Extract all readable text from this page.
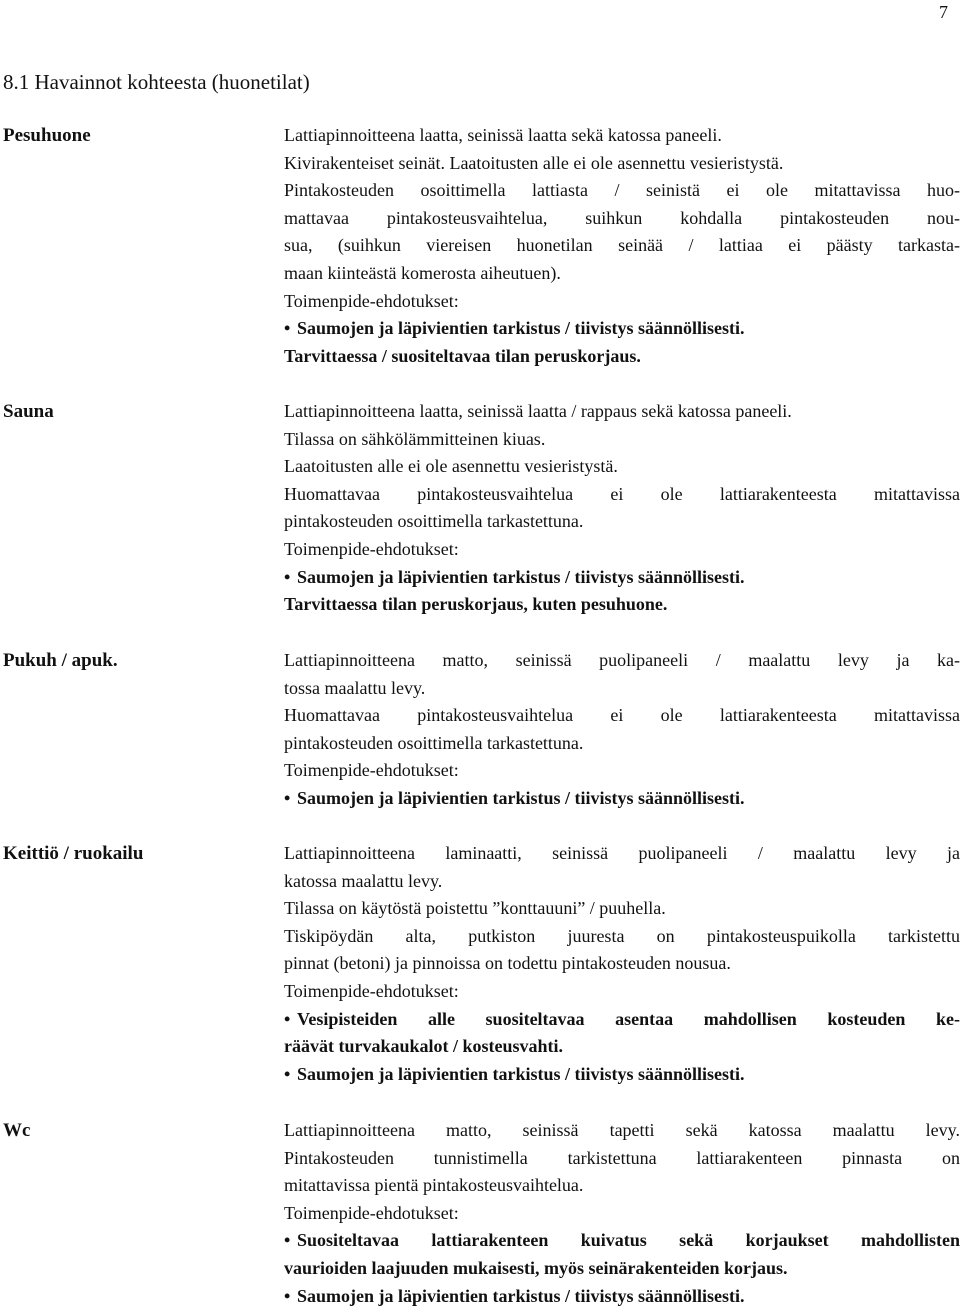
7
8.1 Havainnot kohteesta (huonetilat)
Pesuhuone	Lattiapinnoitteena laatta, seinissä laatta sekä katossa paneeli.
Kivirakenteiset seinät. Laatoitusten alle ei ole asennettu vesieristystä.
Pintakosteuden osoittimella lattiasta / seinistä ei ole mitattavissa huo-
mattavaa pintakosteusvaihtelua, suihkun kohdalla pintakosteuden nou-
sua, (suihkun viereisen huonetilan seinää / lattiaa ei päästy tarkasta-
maan kiinteästä komerosta aiheutuen).
Toimenpide-ehdotukset:
• Saumojen ja läpivientien tarkistus / tiivistys säännöllisesti.
Tarvittaessa / suositeltavaa tilan peruskorjaus.
Sauna	Lattiapinnoitteena laatta, seinissä laatta / rappaus sekä katossa paneeli.
Tilassa on sähkölämmitteinen kiuas.
Laatoitusten alle ei ole asennettu vesieristystä.
Huomattavaa pintakosteusvaihtelua ei ole lattiarakenteesta mitattavissa
pintakosteuden osoittimella tarkastettuna.
Toimenpide-ehdotukset:
• Saumojen ja läpivientien tarkistus / tiivistys säännöllisesti.
Tarvittaessa tilan peruskorjaus, kuten pesuhuone.
Pukuh / apuk.	Lattiapinnoitteena matto, seinissä puolipaneeli / maalattu levy ja ka-
tossa maalattu levy.
Huomattavaa pintakosteusvaihtelua ei ole lattiarakenteesta mitattavissa
pintakosteuden osoittimella tarkastettuna.
Toimenpide-ehdotukset:
• Saumojen ja läpivientien tarkistus / tiivistys säännöllisesti.
Keittiö / ruokailu	Lattiapinnoitteena laminaatti, seinissä puolipaneeli / maalattu levy ja
katossa maalattu levy.
Tilassa on käytöstä poistettu ”konttauuni” / puuhella.
Tiskipöydän alta, putkiston juuresta on pintakosteuspuikolla tarkistettu
pinnat (betoni) ja pinnoissa on todettu pintakosteuden nousua.
Toimenpide-ehdotukset:
• Vesipisteiden alle suositeltavaa asentaa mahdollisen kosteuden ke-
räävät turvakaukalot / kosteusvahti.
• Saumojen ja läpivientien tarkistus / tiivistys säännöllisesti.
Wc	Lattiapinnoitteena matto, seinissä tapetti sekä katossa maalattu levy.
Pintakosteuden tunnistimella tarkistettuna lattiarakenteen pinnasta on
mitattavissa pientä pintakosteusvaihtelua.
Toimenpide-ehdotukset:
• Suositeltavaa lattiarakenteen kuivatus sekä korjaukset mahdollisten
vaurioiden laajuuden mukaisesti, myös seinärakenteiden korjaus.
• Saumojen ja läpivientien tarkistus / tiivistys säännöllisesti.
